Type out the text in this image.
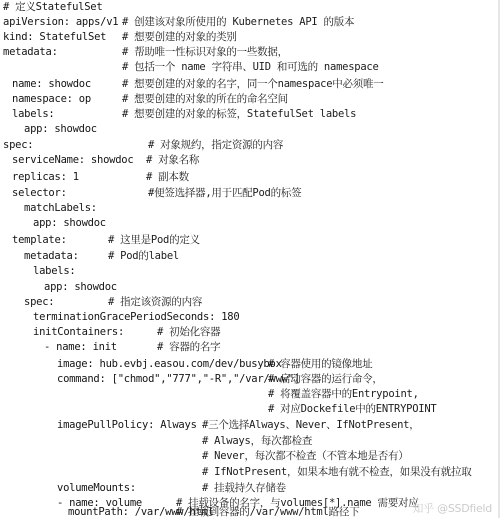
# 定义StatefulSet

apiVersion: apps/v1

# 创建该对象所使用的 Kubernetes API 的版本

kind: StatefulSet

# 想要创建的对象的类别

metadata:

	# 帮助唯一性标识对象的一些数据，

# 包括一个 name 字符串、UID 和可选的 namespace

name: showdoc

	# 想要创建的对象的名字，同一个namespace中必须唯一

namespace: op

	# 想要创建的对象的所在的命名空间

labels:

	# 想要创建的对象的标签，StatefulSet labels

app: showdoc

spec:

	# 对象规约，指定资源的内容

serviceName: showdoc

# 对象名称

replicas: 1

	# 副本数

selector:

	#便签选择器,用于匹配Pod的标签

matchLabels:

app: showdoc

template:

	# 这里是Pod的定义

metadata:

	# Pod的label

labels:

app: showdoc

spec:

	# 指定该资源的内容

terminationGracePeriodSeconds: 180

initContainers:

	# 初始化容器

- name: init

	# 容器的名字

image: hub.evbj.easou.com/dev/busybox

# 容器使用的镜像地址

command: ["chmod","777","-R","/var/www"]

# 启动容器的运行命令，

# 将覆盖容器中的Entrypoint,

# 对应Dockefile中的ENTRYPOINT

imagePullPolicy: Always

#三个选择Always、Never、IfNotPresent，

# Always，每次都检查

# Never，每次都不检查（不管本地是否有）

# IfNotPresent，如果本地有就不检查，如果没有就拉取

volumeMounts:

	# 挂载持久存储卷

- name: volume

	# 挂载设备的名字，与volumes[*].name 需要对应

mountPath: /var/www/html

# 挂载到容器的/var/www/html路径下

	知乎 @SSDfield
